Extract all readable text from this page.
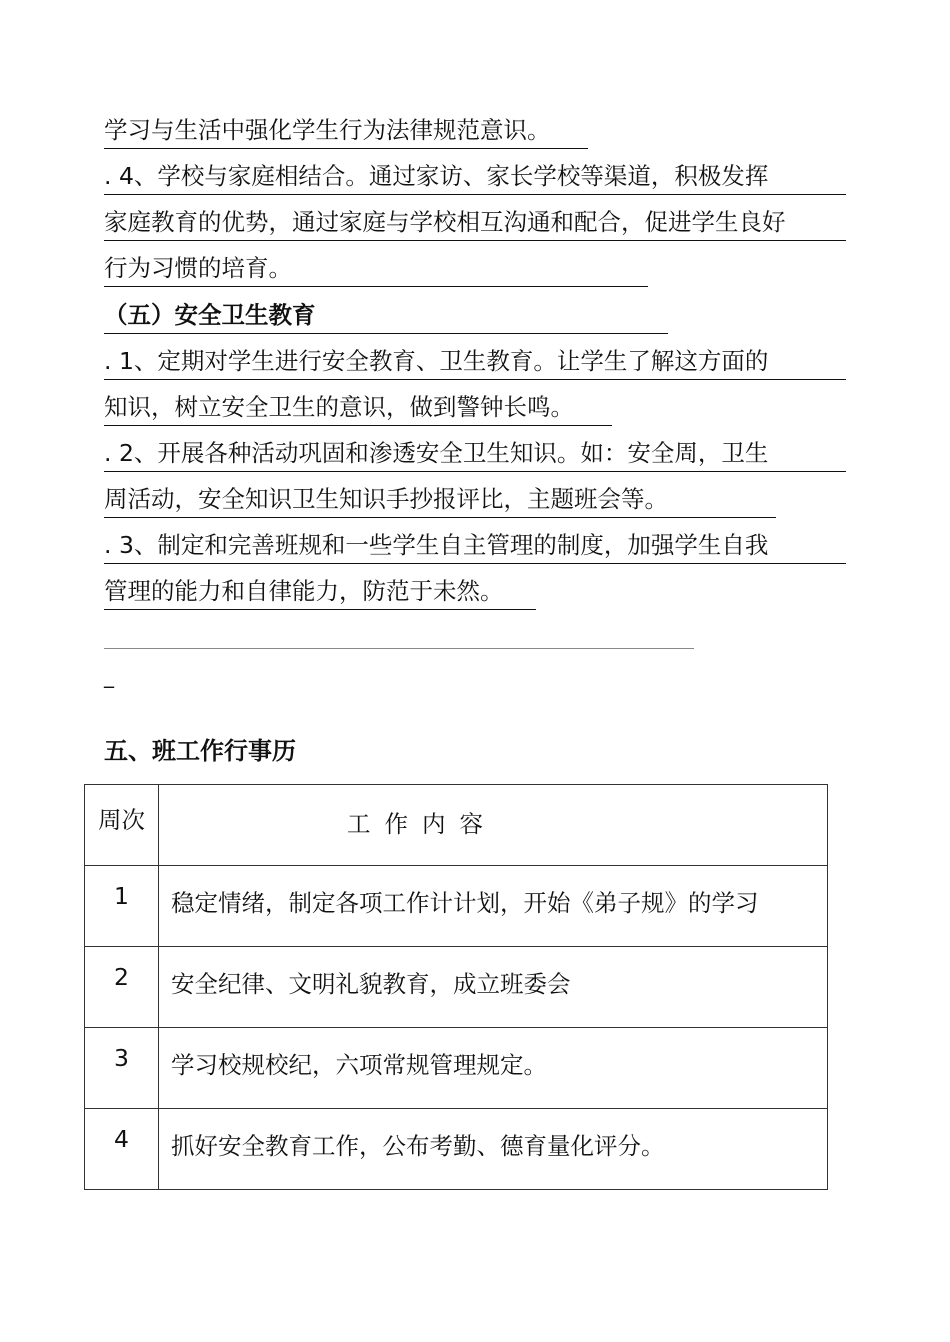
学习与生活中强化学生行为法律规范意识。
. 4、学校与家庭相结合。通过家访、家长学校等渠道，积极发挥
家庭教育的优势，通过家庭与学校相互沟通和配合，促进学生良好
行为习惯的培育。
（五）安全卫生教育
. 1、定期对学生进行安全教育、卫生教育。让学生了解这方面的
知识，树立安全卫生的意识，做到警钟长鸣。
. 2、开展各种活动巩固和渗透安全卫生知识。如：安全周，卫生
周活动，安全知识卫生知识手抄报评比，主题班会等。
. 3、制定和完善班规和一些学生自主管理的制度，加强学生自我
管理的能力和自律能力，防范于未然。
_
五、班工作行事历
周次	工作内容
1	稳定情绪，制定各项工作计计划，开始《弟子规》的学习
2	安全纪律、文明礼貌教育，成立班委会
3	学习校规校纪，六项常规管理规定。
4	抓好安全教育工作，公布考勤、德育量化评分。
